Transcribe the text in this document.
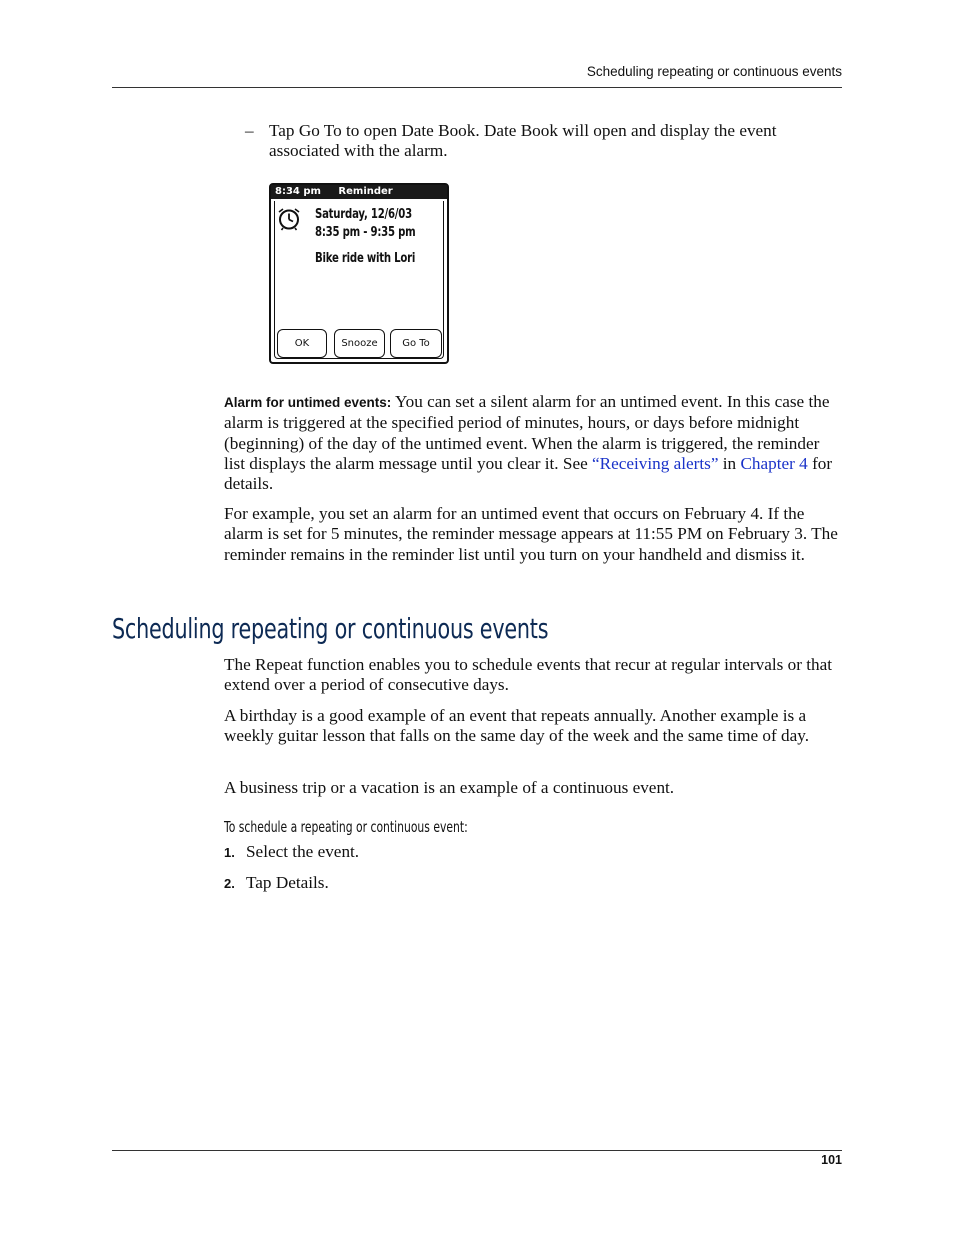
Scheduling repeating or continuous events
– Tap Go To to open Date Book. Date Book will open and display the event associated with the alarm.
8:34 pm Reminder
Saturday, 12/6/03
8:35 pm - 9:35 pm
Bike ride with Lori
OK	Snooze	Go To

Alarm for untimed events: You can set a silent alarm for an untimed event. In this case the alarm is triggered at the specified period of minutes, hours, or days before midnight (beginning) of the day of the untimed event. When the alarm is triggered, the reminder list displays the alarm message until you clear it. See “Receiving alerts” in Chapter 4 for details.

For example, you set an alarm for an untimed event that occurs on February 4. If the alarm is set for 5 minutes, the reminder message appears at 11:55 PM on February 3. The reminder remains in the reminder list until you turn on your handheld and dismiss it.

Scheduling repeating or continuous events

The Repeat function enables you to schedule events that recur at regular intervals or that extend over a period of consecutive days.

A birthday is a good example of an event that repeats annually. Another example is a weekly guitar lesson that falls on the same day of the week and the same time of day.

A business trip or a vacation is an example of a continuous event.

To schedule a repeating or continuous event:
1. Select the event.
2. Tap Details.
101
